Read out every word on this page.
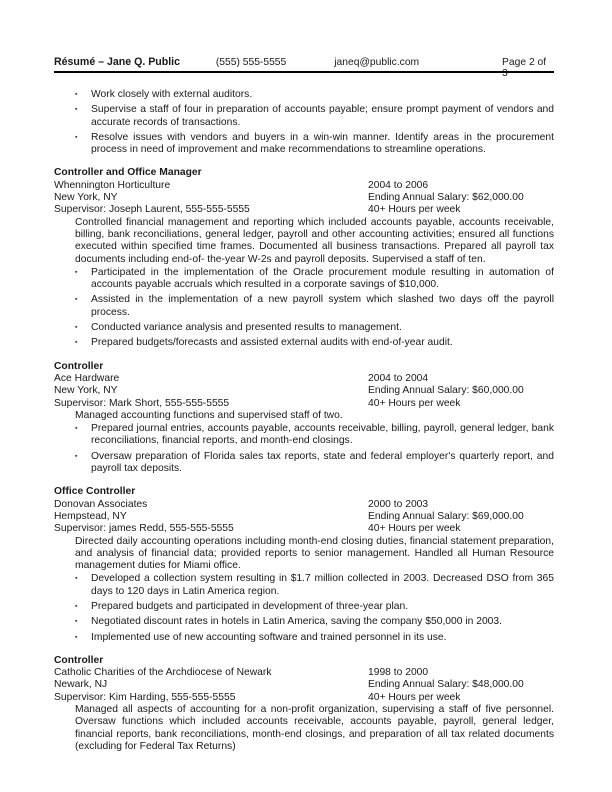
Résumé – Jane Q. Public	(555) 555-5555	janeq@public.com	Page 2 of 3
▪ Work closely with external auditors.
▪ Supervise a staff of four in preparation of accounts payable; ensure prompt payment of vendors and accurate records of transactions.
▪ Resolve issues with vendors and buyers in a win-win manner. Identify areas in the procurement process in need of improvement and make recommendations to streamline operations.
Controller and Office Manager
Whennington Horticulture	2004 to 2006
New York, NY	Ending Annual Salary: $62,000.00
Supervisor: Joseph Laurent, 555-555-5555	40+ Hours per week
Controlled financial management and reporting which included accounts payable, accounts receivable, billing, bank reconciliations, general ledger, payroll and other accounting activities; ensured all functions executed within specified time frames. Documented all business transactions. Prepared all payroll tax documents including end-of- the-year W-2s and payroll deposits. Supervised a staff of ten.
▪ Participated in the implementation of the Oracle procurement module resulting in automation of accounts payable accruals which resulted in a corporate savings of $10,000.
▪ Assisted in the implementation of a new payroll system which slashed two days off the payroll process.
▪ Conducted variance analysis and presented results to management.
▪ Prepared budgets/forecasts and assisted external audits with end-of-year audit.
Controller
Ace Hardware	2004 to 2004
New York, NY	Ending Annual Salary: $60,000.00
Supervisor: Mark Short, 555-555-5555	40+ Hours per week
Managed accounting functions and supervised staff of two.
▪ Prepared journal entries, accounts payable, accounts receivable, billing, payroll, general ledger, bank reconciliations, financial reports, and month-end closings.
▪ Oversaw preparation of Florida sales tax reports, state and federal employer's quarterly report, and payroll tax deposits.
Office Controller
Donovan Associates	2000 to 2003
Hempstead, NY	Ending Annual Salary: $69,000.00
Supervisor: james Redd, 555-555-5555	40+ Hours per week
Directed daily accounting operations including month-end closing duties, financial statement preparation, and analysis of financial data; provided reports to senior management. Handled all Human Resource management duties for Miami office.
▪ Developed a collection system resulting in $1.7 million collected in 2003. Decreased DSO from 365 days to 120 days in Latin America region.
▪ Prepared budgets and participated in development of three-year plan.
▪ Negotiated discount rates in hotels in Latin America, saving the company $50,000 in 2003.
▪ Implemented use of new accounting software and trained personnel in its use.
Controller
Catholic Charities of the Archdiocese of Newark	1998 to 2000
Newark, NJ	Ending Annual Salary: $48,000.00
Supervisor: Kim Harding, 555-555-5555	40+ Hours per week
Managed all aspects of accounting for a non-profit organization, supervising a staff of five personnel. Oversaw functions which included accounts receivable, accounts payable, payroll, general ledger, financial reports, bank reconciliations, month-end closings, and preparation of all tax related documents (excluding for Federal Tax Returns)
